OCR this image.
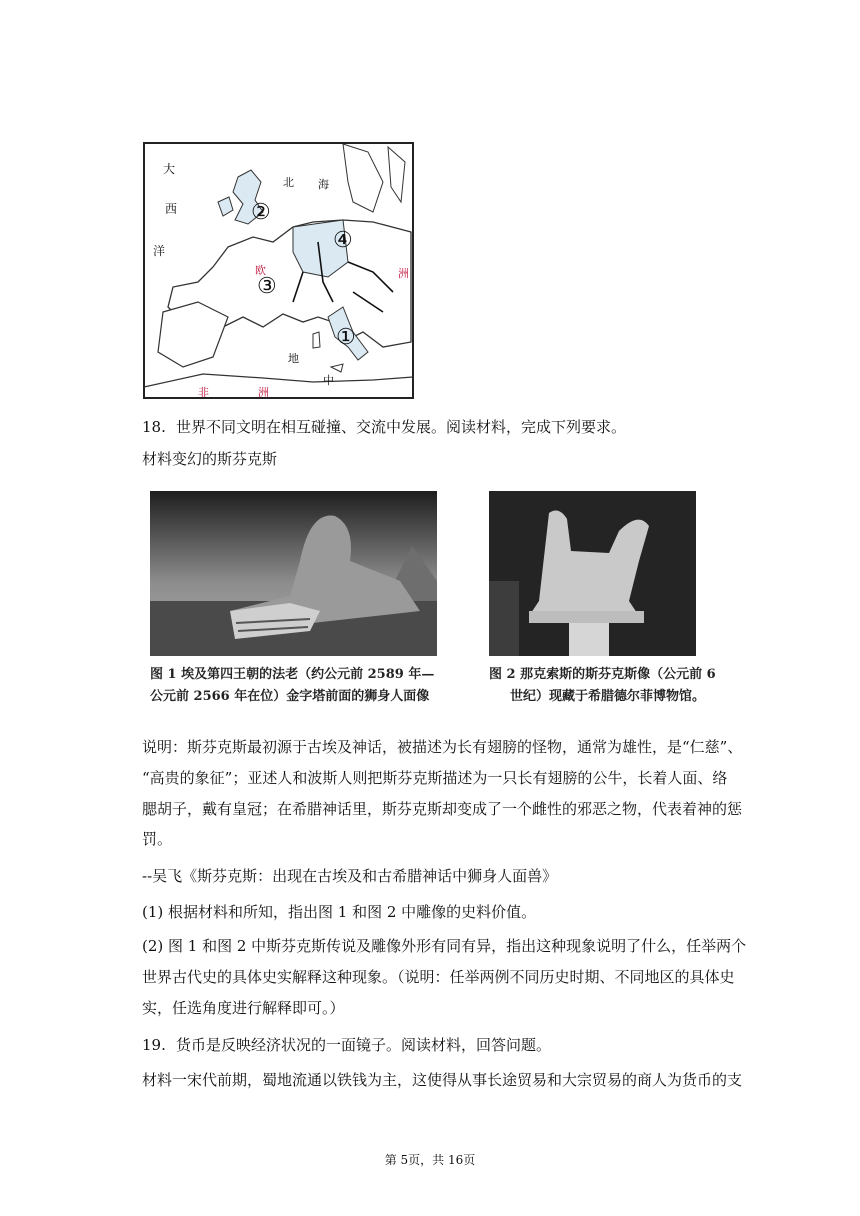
大
西
洋
北 海
欧	洲
地
中
非	洲
②
④
③
①
18. 世界不同文明在相互碰撞、交流中发展。阅读材料，完成下列要求。
材料变幻的斯芬克斯
图 1 埃及第四王朝的法老（约公元前 2589 年—
公元前 2566 年在位）金字塔前面的狮身人面像
图 2 那克索斯的斯芬克斯像（公元前 6
世纪）现藏于希腊德尔菲博物馆。
说明：斯芬克斯最初源于古埃及神话，被描述为长有翅膀的怪物，通常为雄性，是“仁慈”、
“高贵的象征”；亚述人和波斯人则把斯芬克斯描述为一只长有翅膀的公牛，长着人面、络
腮胡子，戴有皇冠；在希腊神话里，斯芬克斯却变成了一个雌性的邪恶之物，代表着神的惩
罚。
--吴飞《斯芬克斯：出现在古埃及和古希腊神话中狮身人面兽》
(1) 根据材料和所知，指出图 1 和图 2 中雕像的史料价值。
(2) 图 1 和图 2 中斯芬克斯传说及雕像外形有同有异，指出这种现象说明了什么，任举两个
世界古代史的具体史实解释这种现象。（说明：任举两例不同历史时期、不同地区的具体史
实，任选角度进行解释即可。）
19. 货币是反映经济状况的一面镜子。阅读材料，回答问题。
材料一宋代前期，蜀地流通以铁钱为主，这使得从事长途贸易和大宗贸易的商人为货币的支
第 5页，共 16页
